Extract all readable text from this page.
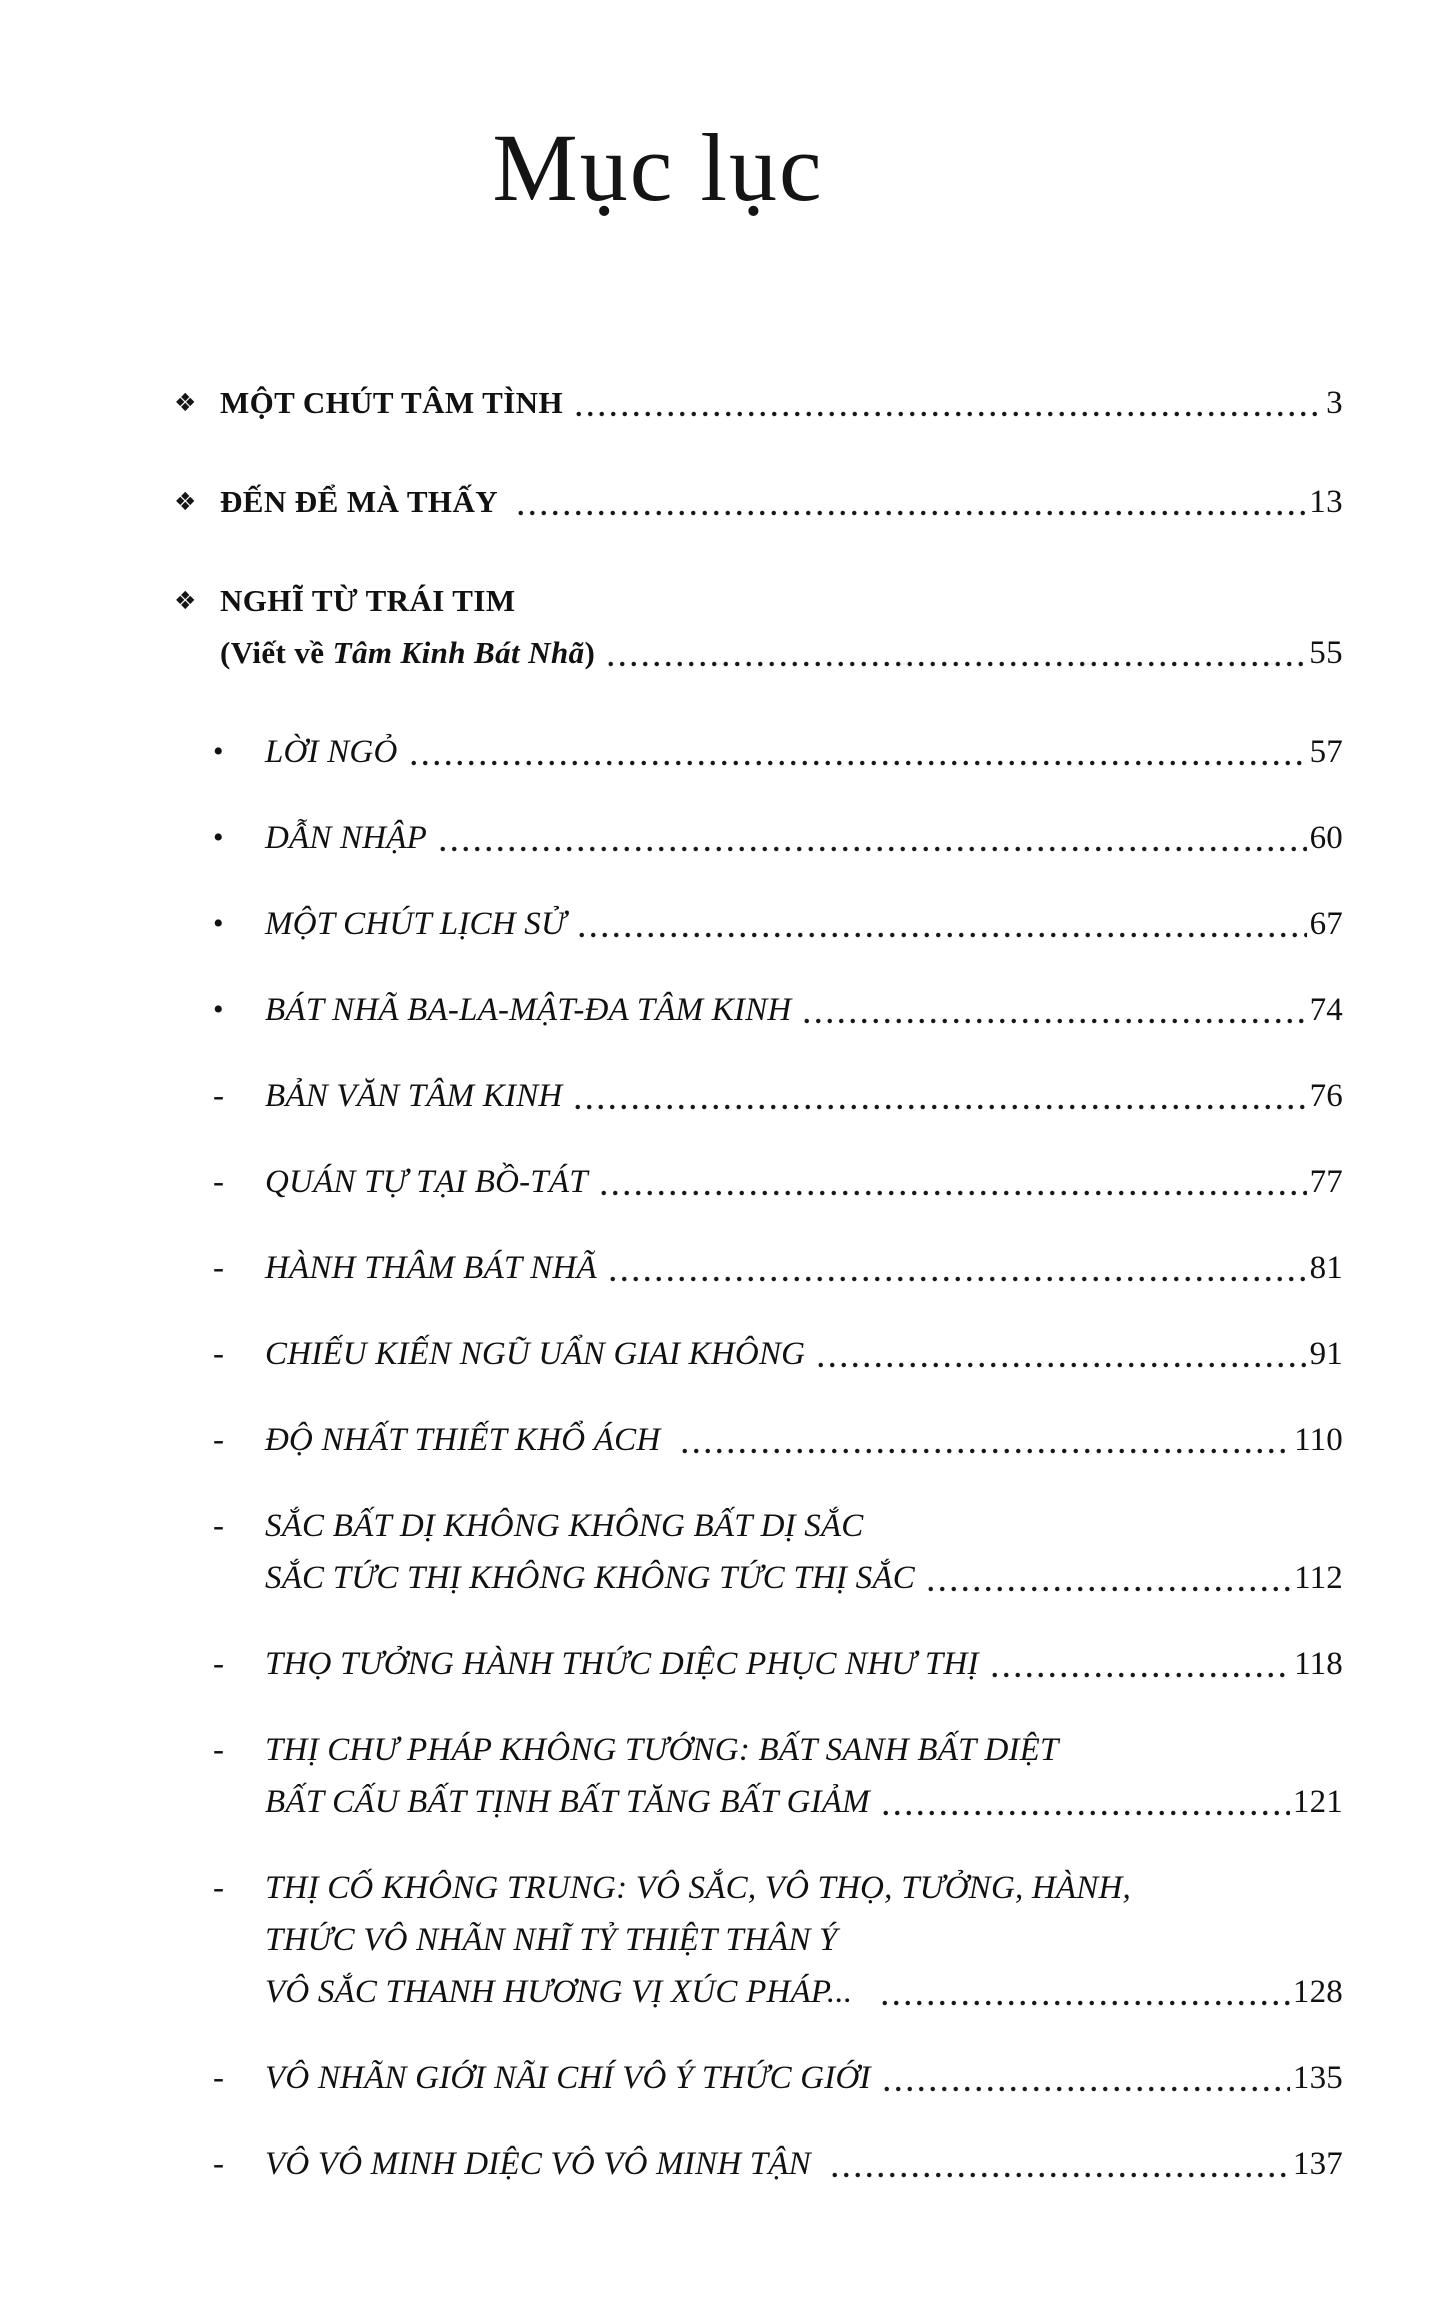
Mục lục
❖ MỘT CHÚT TÂM TÌNH	3
❖ ĐẾN ĐỂ MÀ THẤY	13
❖ NGHĨ TỪ TRÁI TIM
(Viết về Tâm Kinh Bát Nhã)	55
•	LỜI NGỎ	57
•	DẪN NHẬP	60
•	MỘT CHÚT LỊCH SỬ	67
•	BÁT NHÃ BA-LA-MẬT-ĐA TÂM KINH	74
-	BẢN VĂN TÂM KINH	76
-	QUÁN TỰ TẠI BỒ-TÁT	77
-	HÀNH THÂM BÁT NHÃ	81
-	CHIẾU KIẾN NGŨ UẨN GIAI KHÔNG	91
-	ĐỘ NHẤT THIẾT KHỔ ÁCH	110
-	SẮC BẤT DỊ KHÔNG KHÔNG BẤT DỊ SẮC
SẮC TỨC THỊ KHÔNG KHÔNG TỨC THỊ SẮC	112
-	THỌ TƯỞNG HÀNH THỨC DIỆC PHỤC NHƯ THỊ	118
-	THỊ CHƯ PHÁP KHÔNG TƯỚNG: BẤT SANH BẤT DIỆT
BẤT CẤU BẤT TỊNH BẤT TĂNG BẤT GIẢM	121
-	THỊ CỐ KHÔNG TRUNG: VÔ SẮC, VÔ THỌ, TƯỞNG, HÀNH,
THỨC VÔ NHÃN NHĨ TỶ THIỆT THÂN Ý
VÔ SẮC THANH HƯƠNG VỊ XÚC PHÁP...	128
-	VÔ NHÃN GIỚI NÃI CHÍ VÔ Ý THỨC GIỚI	135
-	VÔ VÔ MINH DIỆC VÔ VÔ MINH TẬN	137
